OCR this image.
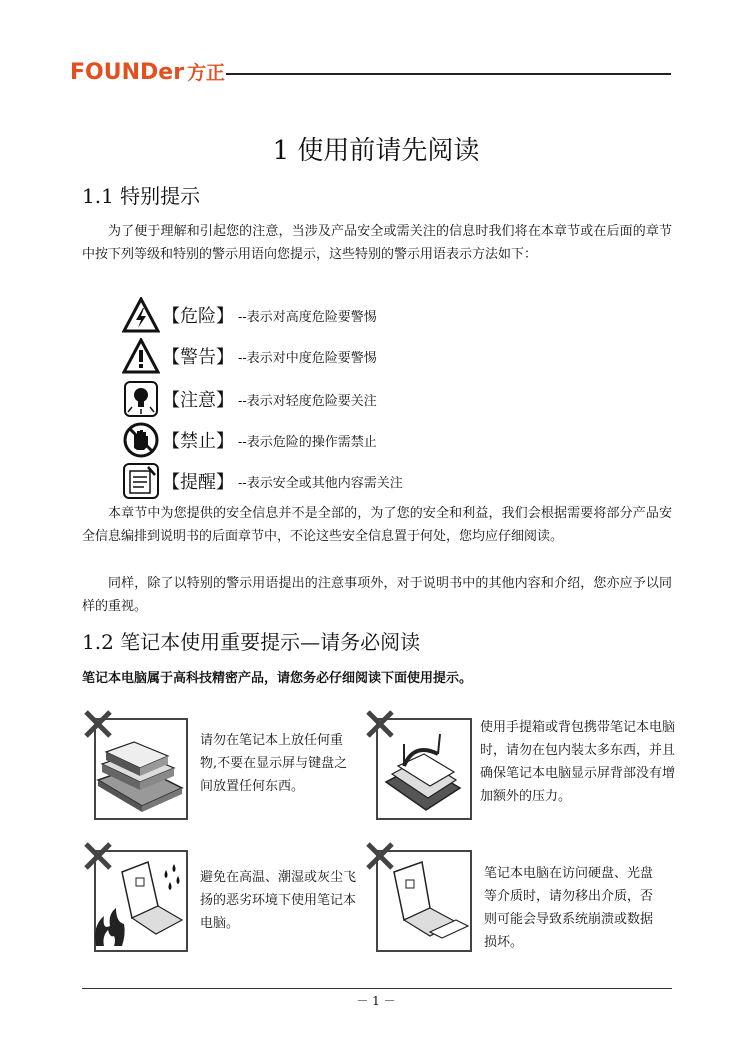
FOUNDer 方正
1 使用前请先阅读
1.1 特别提示
为了便于理解和引起您的注意，当涉及产品安全或需关注的信息时我们将在本章节或在后面的章节中按下列等级和特别的警示用语向您提示，这些特别的警示用语表示方法如下：
【危险】 --表示对高度危险要警惕
【警告】 --表示对中度危险要警惕
【注意】 --表示对轻度危险要关注
【禁止】 --表示危险的操作需禁止
【提醒】 --表示安全或其他内容需关注
本章节中为您提供的安全信息并不是全部的，为了您的安全和利益，我们会根据需要将部分产品安全信息编排到说明书的后面章节中，不论这些安全信息置于何处，您均应仔细阅读。
同样，除了以特别的警示用语提出的注意事项外，对于说明书中的其他内容和介绍，您亦应予以同样的重视。
1.2 笔记本使用重要提示—请务必阅读
笔记本电脑属于高科技精密产品，请您务必仔细阅读下面使用提示。
请勿在笔记本上放任何重物,不要在显示屏与键盘之间放置任何东西。
使用手提箱或背包携带笔记本电脑时，请勿在包内装太多东西，并且确保笔记本电脑显示屏背部没有增加额外的压力。
避免在高温、潮湿或灰尘飞扬的恶劣环境下使用笔记本电脑。
笔记本电脑在访问硬盘、光盘等介质时，请勿移出介质，否则可能会导致系统崩溃或数据损坏。
－ 1 －
